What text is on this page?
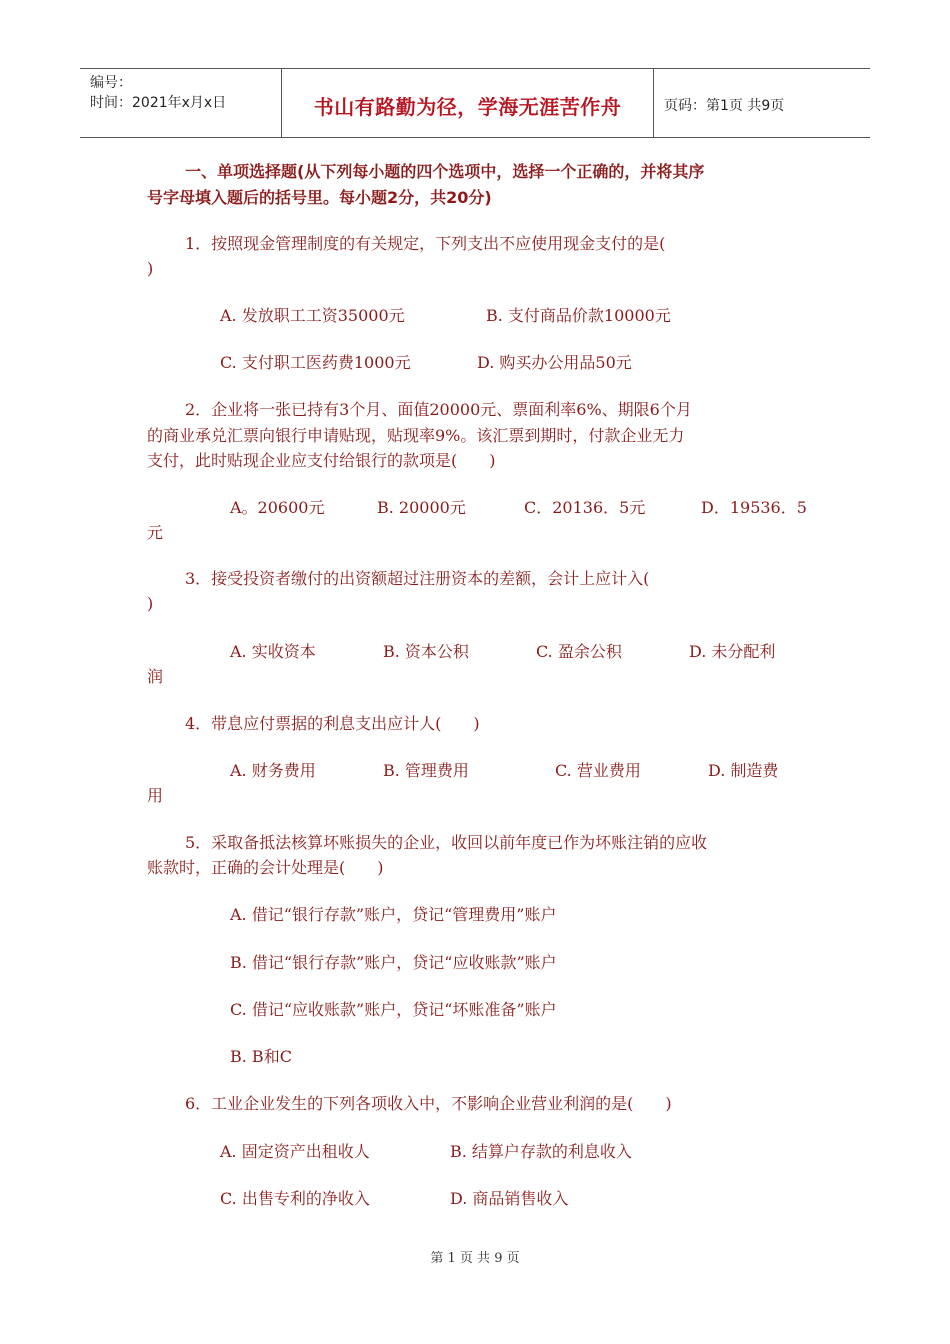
编号：
时间：2021年x月x日	书山有路勤为径，学海无涯苦作舟	页码：第1页 共9页
一、单项选择题(从下列每小题的四个选项中，选择一个正确的，并将其序
号字母填入题后的括号里。每小题2分，共20分)
1．按照现金管理制度的有关规定，下列支出不应使用现金支付的是(
)
A. 发放职工工资35000元	B. 支付商品价款10000元
C. 支付职工医药费1000元	D. 购买办公用品50元
2．企业将一张已持有3个月、面值20000元、票面利率6%、期限6个月
的商业承兑汇票向银行申请贴现，贴现率9%。该汇票到期时，付款企业无力
支付，此时贴现企业应支付给银行的款项是(　　)
A。20600元	B. 20000元	C．20136．5元	D．19536．5
元
3．接受投资者缴付的出资额超过注册资本的差额，会计上应计入(
)
A. 实收资本	B. 资本公积	C. 盈余公积	D. 未分配利
润
4．带息应付票据的利息支出应计人(　　)
A. 财务费用	B. 管理费用	C. 营业费用	D. 制造费
用
5．采取备抵法核算坏账损失的企业，收回以前年度已作为坏账注销的应收
账款时，正确的会计处理是(　　)
A. 借记“银行存款”账户，贷记“管理费用”账户
B. 借记“银行存款”账户，贷记“应收账款”账户
C. 借记“应收账款”账户，贷记“坏账准备”账户
B. B和C
6．工业企业发生的下列各项收入中，不影响企业营业利润的是(　　)
A. 固定资产出租收人	B. 结算户存款的利息收入
C. 出售专利的净收入	D. 商品销售收入
第 1 页 共 9 页
